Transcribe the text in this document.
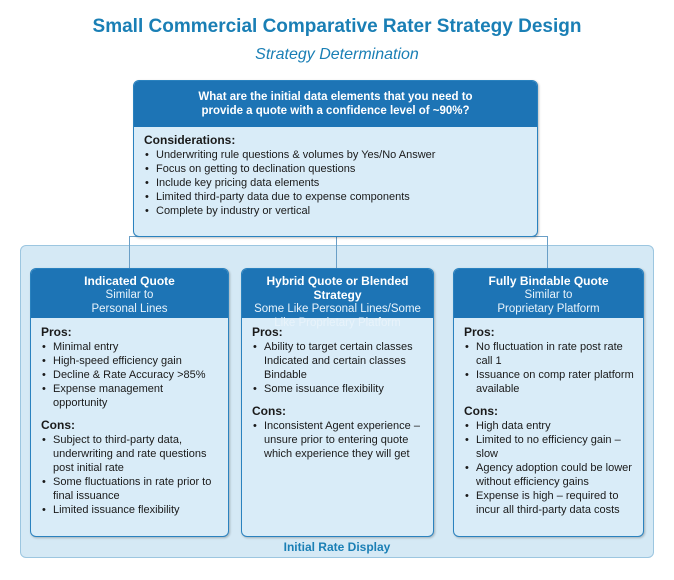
Small Commercial Comparative Rater Strategy Design
Strategy Determination
Initial Rate Display
What are the initial data elements that you need to
provide a quote with a confidence level of ~90%?
Considerations:
• Underwriting rule questions & volumes by Yes/No Answer
• Focus on getting to declination questions
• Include key pricing data elements
• Limited third-party data due to expense components
• Complete by industry or vertical
Indicated Quote
Similar to
Personal Lines
Pros:
• Minimal entry
• High-speed efficiency gain
• Decline & Rate Accuracy >85%
• Expense management opportunity
Cons:
• Subject to third-party data, underwriting and rate questions post initial rate
• Some fluctuations in rate prior to final issuance
• Limited issuance flexibility
Hybrid Quote or Blended Strategy
Some Like Personal Lines/Some
Like Proprietary Platform
Pros:
• Ability to target certain classes Indicated and certain classes Bindable
• Some issuance flexibility
Cons:
• Inconsistent Agent experience – unsure prior to entering quote which experience they will get
Fully Bindable Quote
Similar to
Proprietary Platform
Pros:
• No fluctuation in rate post rate call 1
• Issuance on comp rater platform available
Cons:
• High data entry
• Limited to no efficiency gain – slow
• Agency adoption could be lower without efficiency gains
• Expense is high – required to incur all third-party data costs
